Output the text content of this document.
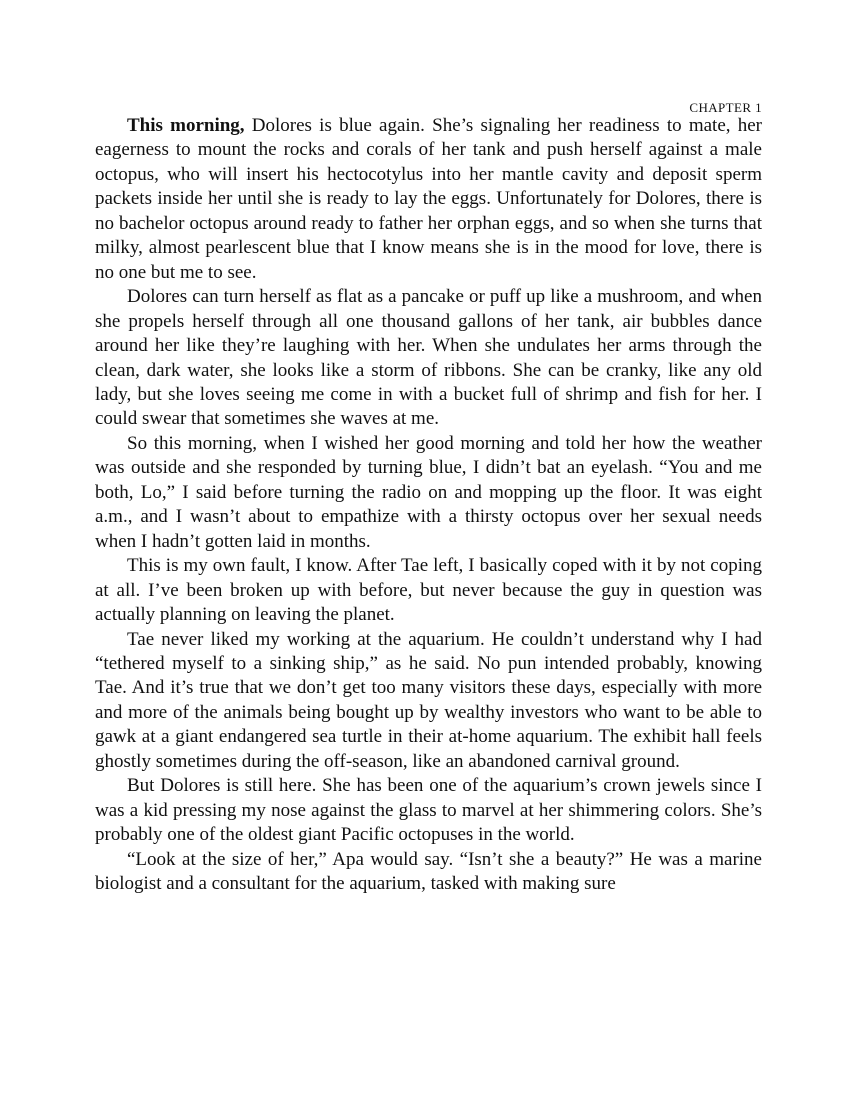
CHAPTER 1

This morning, Dolores is blue again. She’s signaling her readiness to mate, her eagerness to mount the rocks and corals of her tank and push herself against a male octopus, who will insert his hectocotylus into her mantle cavity and deposit sperm packets inside her until she is ready to lay the eggs. Unfortunately for Dolores, there is no bachelor octopus around ready to father her orphan eggs, and so when she turns that milky, almost pearlescent blue that I know means she is in the mood for love, there is no one but me to see.

Dolores can turn herself as flat as a pancake or puff up like a mushroom, and when she propels herself through all one thousand gallons of her tank, air bubbles dance around her like they’re laughing with her. When she undulates her arms through the clean, dark water, she looks like a storm of ribbons. She can be cranky, like any old lady, but she loves seeing me come in with a bucket full of shrimp and fish for her. I could swear that sometimes she waves at me.

So this morning, when I wished her good morning and told her how the weather was outside and she responded by turning blue, I didn’t bat an eyelash. “You and me both, Lo,” I said before turning the radio on and mopping up the floor. It was eight a.m., and I wasn’t about to empathize with a thirsty octopus over her sexual needs when I hadn’t gotten laid in months.

This is my own fault, I know. After Tae left, I basically coped with it by not coping at all. I’ve been broken up with before, but never because the guy in question was actually planning on leaving the planet.

Tae never liked my working at the aquarium. He couldn’t understand why I had “tethered myself to a sinking ship,” as he said. No pun intended probably, knowing Tae. And it’s true that we don’t get too many visitors these days, especially with more and more of the animals being bought up by wealthy investors who want to be able to gawk at a giant endangered sea turtle in their at-home aquarium. The exhibit hall feels ghostly sometimes during the off-season, like an abandoned carnival ground.

But Dolores is still here. She has been one of the aquarium’s crown jewels since I was a kid pressing my nose against the glass to marvel at her shimmering colors. She’s probably one of the oldest giant Pacific octopuses in the world.

“Look at the size of her,” Apa would say. “Isn’t she a beauty?” He was a marine biologist and a consultant for the aquarium, tasked with making sure
